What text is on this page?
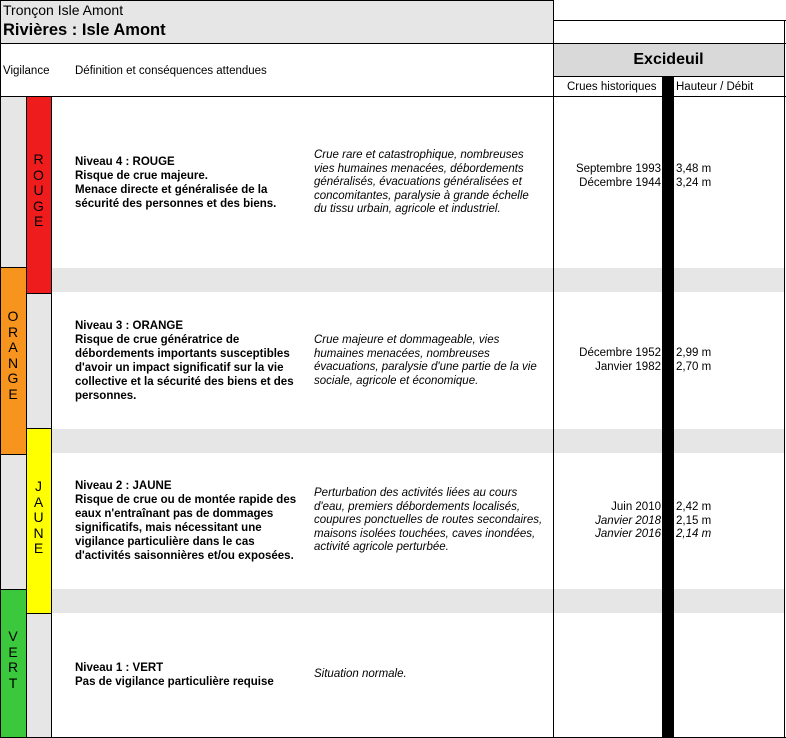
Tronçon Isle Amont
Rivières : Isle Amont
Vigilance Définition et conséquences attendues
Excideuil
Crues historiques Hauteur / Débit
R
O
U
G
E
O
R
A
N
G
E
J
A
U
N
E
V
E
R
T
Niveau 4 : ROUGE
Risque de crue majeure.
Menace directe et généralisée de la
sécurité des personnes et des biens.
Crue rare et catastrophique, nombreuses
vies humaines menacées, débordements
généralisés, évacuations généralisées et
concomitantes, paralysie à grande échelle
du tissu urbain, agricole et industriel.
Septembre 1993
Décembre 1944
3,48 m
3,24 m
Niveau 3 : ORANGE
Risque de crue génératrice de
débordements importants susceptibles
d'avoir un impact significatif sur la vie
collective et la sécurité des biens et des
personnes.
Crue majeure et dommageable, vies
humaines menacées, nombreuses
évacuations, paralysie d'une partie de la vie
sociale, agricole et économique.
Décembre 1952
Janvier 1982
2,99 m
2,70 m
Niveau 2 : JAUNE
Risque de crue ou de montée rapide des
eaux n'entraînant pas de dommages
significatifs, mais nécessitant une
vigilance particulière dans le cas
d'activités saisonnières et/ou exposées.
Perturbation des activités liées au cours
d'eau, premiers débordements localisés,
coupures ponctuelles de routes secondaires,
maisons isolées touchées, caves inondées,
activité agricole perturbée.
Juin 2010
Janvier 2018
Janvier 2016
2,42 m
2,15 m
2,14 m
Niveau 1 : VERT
Pas de vigilance particulière requise
Situation normale.
